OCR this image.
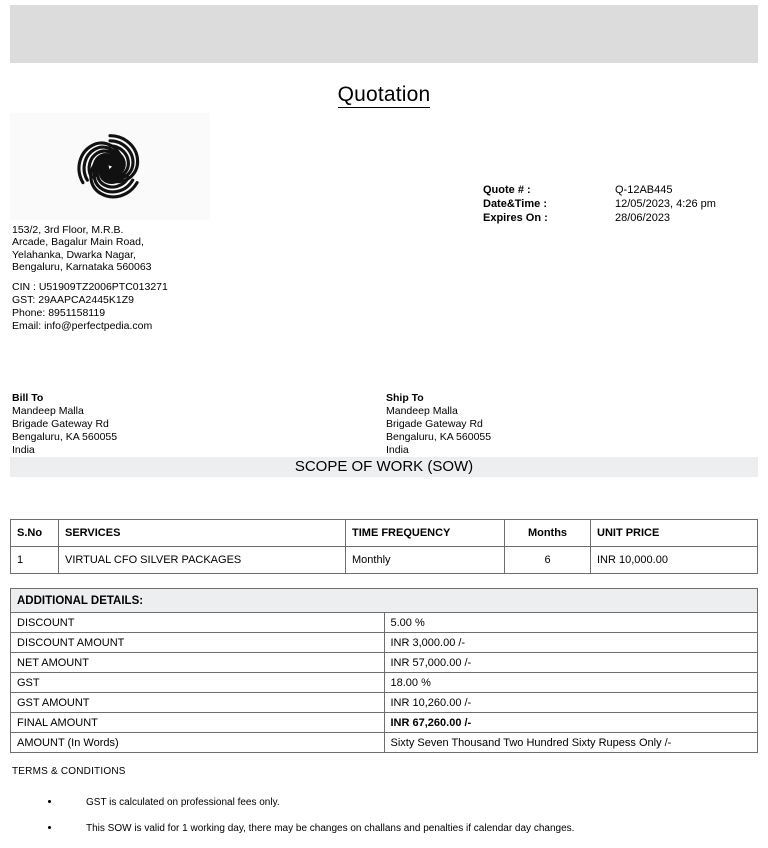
Quotation
153/2, 3rd Floor, M.R.B.
Arcade, Bagalur Main Road,
Yelahanka, Dwarka Nagar,
Bengaluru, Karnataka 560063
CIN : U51909TZ2006PTC013271
GST: 29AAPCA2445K1Z9
Phone: 8951158119
Email: info@perfectpedia.com
Quote # :	Q-12AB445
Date&Time :	12/05/2023, 4:26 pm
Expires On :	28/06/2023
Bill To
Mandeep Malla
Brigade Gateway Rd
Bengaluru, KA 560055
India
Ship To
Mandeep Malla
Brigade Gateway Rd
Bengaluru, KA 560055
India
SCOPE OF WORK (SOW)
S.No	SERVICES	TIME FREQUENCY	Months	UNIT PRICE
1	VIRTUAL CFO SILVER PACKAGES	Monthly	6	INR 10,000.00
ADDITIONAL DETAILS:	
DISCOUNT	5.00 %
DISCOUNT AMOUNT	INR 3,000.00 /-
NET AMOUNT	INR 57,000.00 /-
GST	18.00 %
GST AMOUNT	INR 10,260.00 /-
FINAL AMOUNT	INR 67,260.00 /-
AMOUNT (In Words)	Sixty Seven Thousand Two Hundred Sixty Rupess Only /-
TERMS & CONDITIONS
GST is calculated on professional fees only.
This SOW is valid for 1 working day, there may be changes on challans and penalties if calendar day changes.
